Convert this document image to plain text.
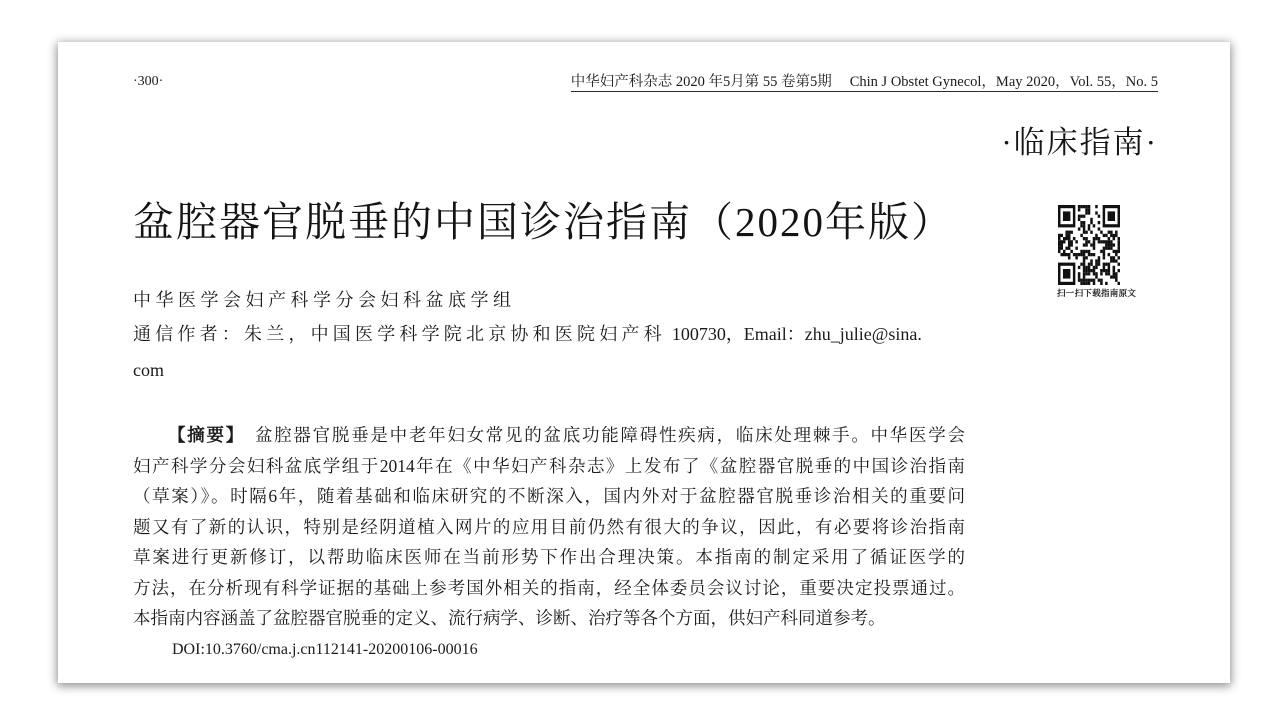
·300·	中华妇产科杂志 2020 年5月第 55 卷第5期 Chin J Obstet Gynecol，May 2020，Vol. 55，No. 5
·临床指南·
盆腔器官脱垂的中国诊治指南（2020年版）
扫一扫下载指南原文
中华医学会妇产科学分会妇科盆底学组
通信作者：朱兰，中国医学科学院北京协和医院妇产科 100730，Email：zhu_julie@sina.
com
【摘要】 盆腔器官脱垂是中老年妇女常见的盆底功能障碍性疾病，临床处理棘手。中华医学会
妇产科学分会妇科盆底学组于2014年在《中华妇产科杂志》上发布了《盆腔器官脱垂的中国诊治指南
（草案）》。时隔6年，随着基础和临床研究的不断深入，国内外对于盆腔器官脱垂诊治相关的重要问
题又有了新的认识，特别是经阴道植入网片的应用目前仍然有很大的争议，因此，有必要将诊治指南
草案进行更新修订，以帮助临床医师在当前形势下作出合理决策。本指南的制定采用了循证医学的
方法，在分析现有科学证据的基础上参考国外相关的指南，经全体委员会议讨论，重要决定投票通过。
本指南内容涵盖了盆腔器官脱垂的定义、流行病学、诊断、治疗等各个方面，供妇产科同道参考。
DOI:10.3760/cma.j.cn112141-20200106-00016
